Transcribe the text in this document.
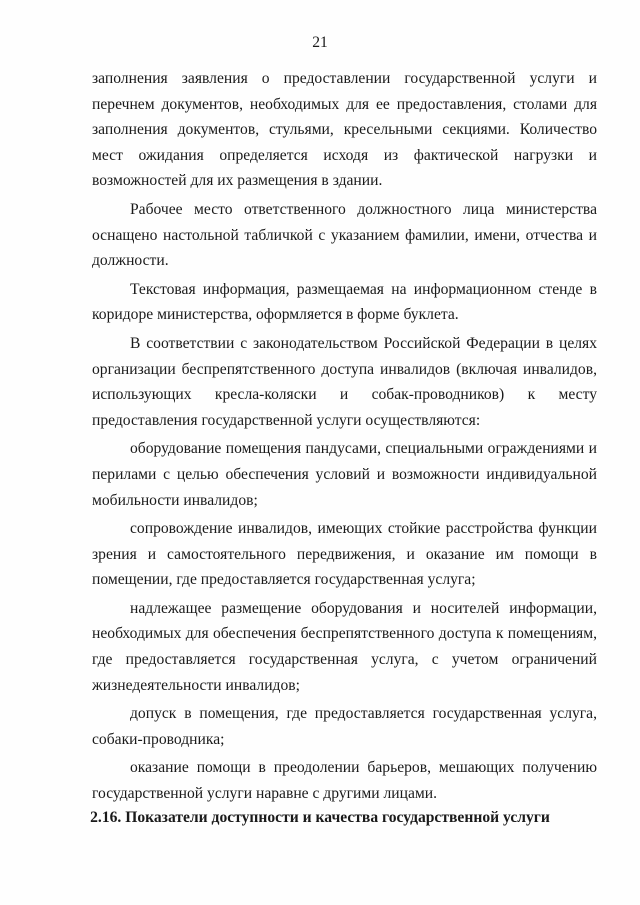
21

заполнения заявления о предоставлении государственной услуги и перечнем документов, необходимых для ее предоставления, столами для заполнения документов, стульями, кресельными секциями. Количество мест ожидания определяется исходя из фактической нагрузки и возможностей для их размещения в здании.

Рабочее место ответственного должностного лица министерства оснащено настольной табличкой с указанием фамилии, имени, отчества и должности.

Текстовая информация, размещаемая на информационном стенде в коридоре министерства, оформляется в форме буклета.

В соответствии с законодательством Российской Федерации в целях организации беспрепятственного доступа инвалидов (включая инвалидов, использующих кресла-коляски и собак-проводников) к месту предоставления государственной услуги осуществляются:

оборудование помещения пандусами, специальными ограждениями и перилами с целью обеспечения условий и возможности индивидуальной мобильности инвалидов;

сопровождение инвалидов, имеющих стойкие расстройства функции зрения и самостоятельного передвижения, и оказание им помощи в помещении, где предоставляется государственная услуга;

надлежащее размещение оборудования и носителей информации, необходимых для обеспечения беспрепятственного доступа к помещениям, где предоставляется государственная услуга, с учетом ограничений жизнедеятельности инвалидов;

допуск в помещения, где предоставляется государственная услуга, собаки-проводника;

оказание помощи в преодолении барьеров, мешающих получению государственной услуги наравне с другими лицами.

2.16. Показатели доступности и качества государственной услуги
